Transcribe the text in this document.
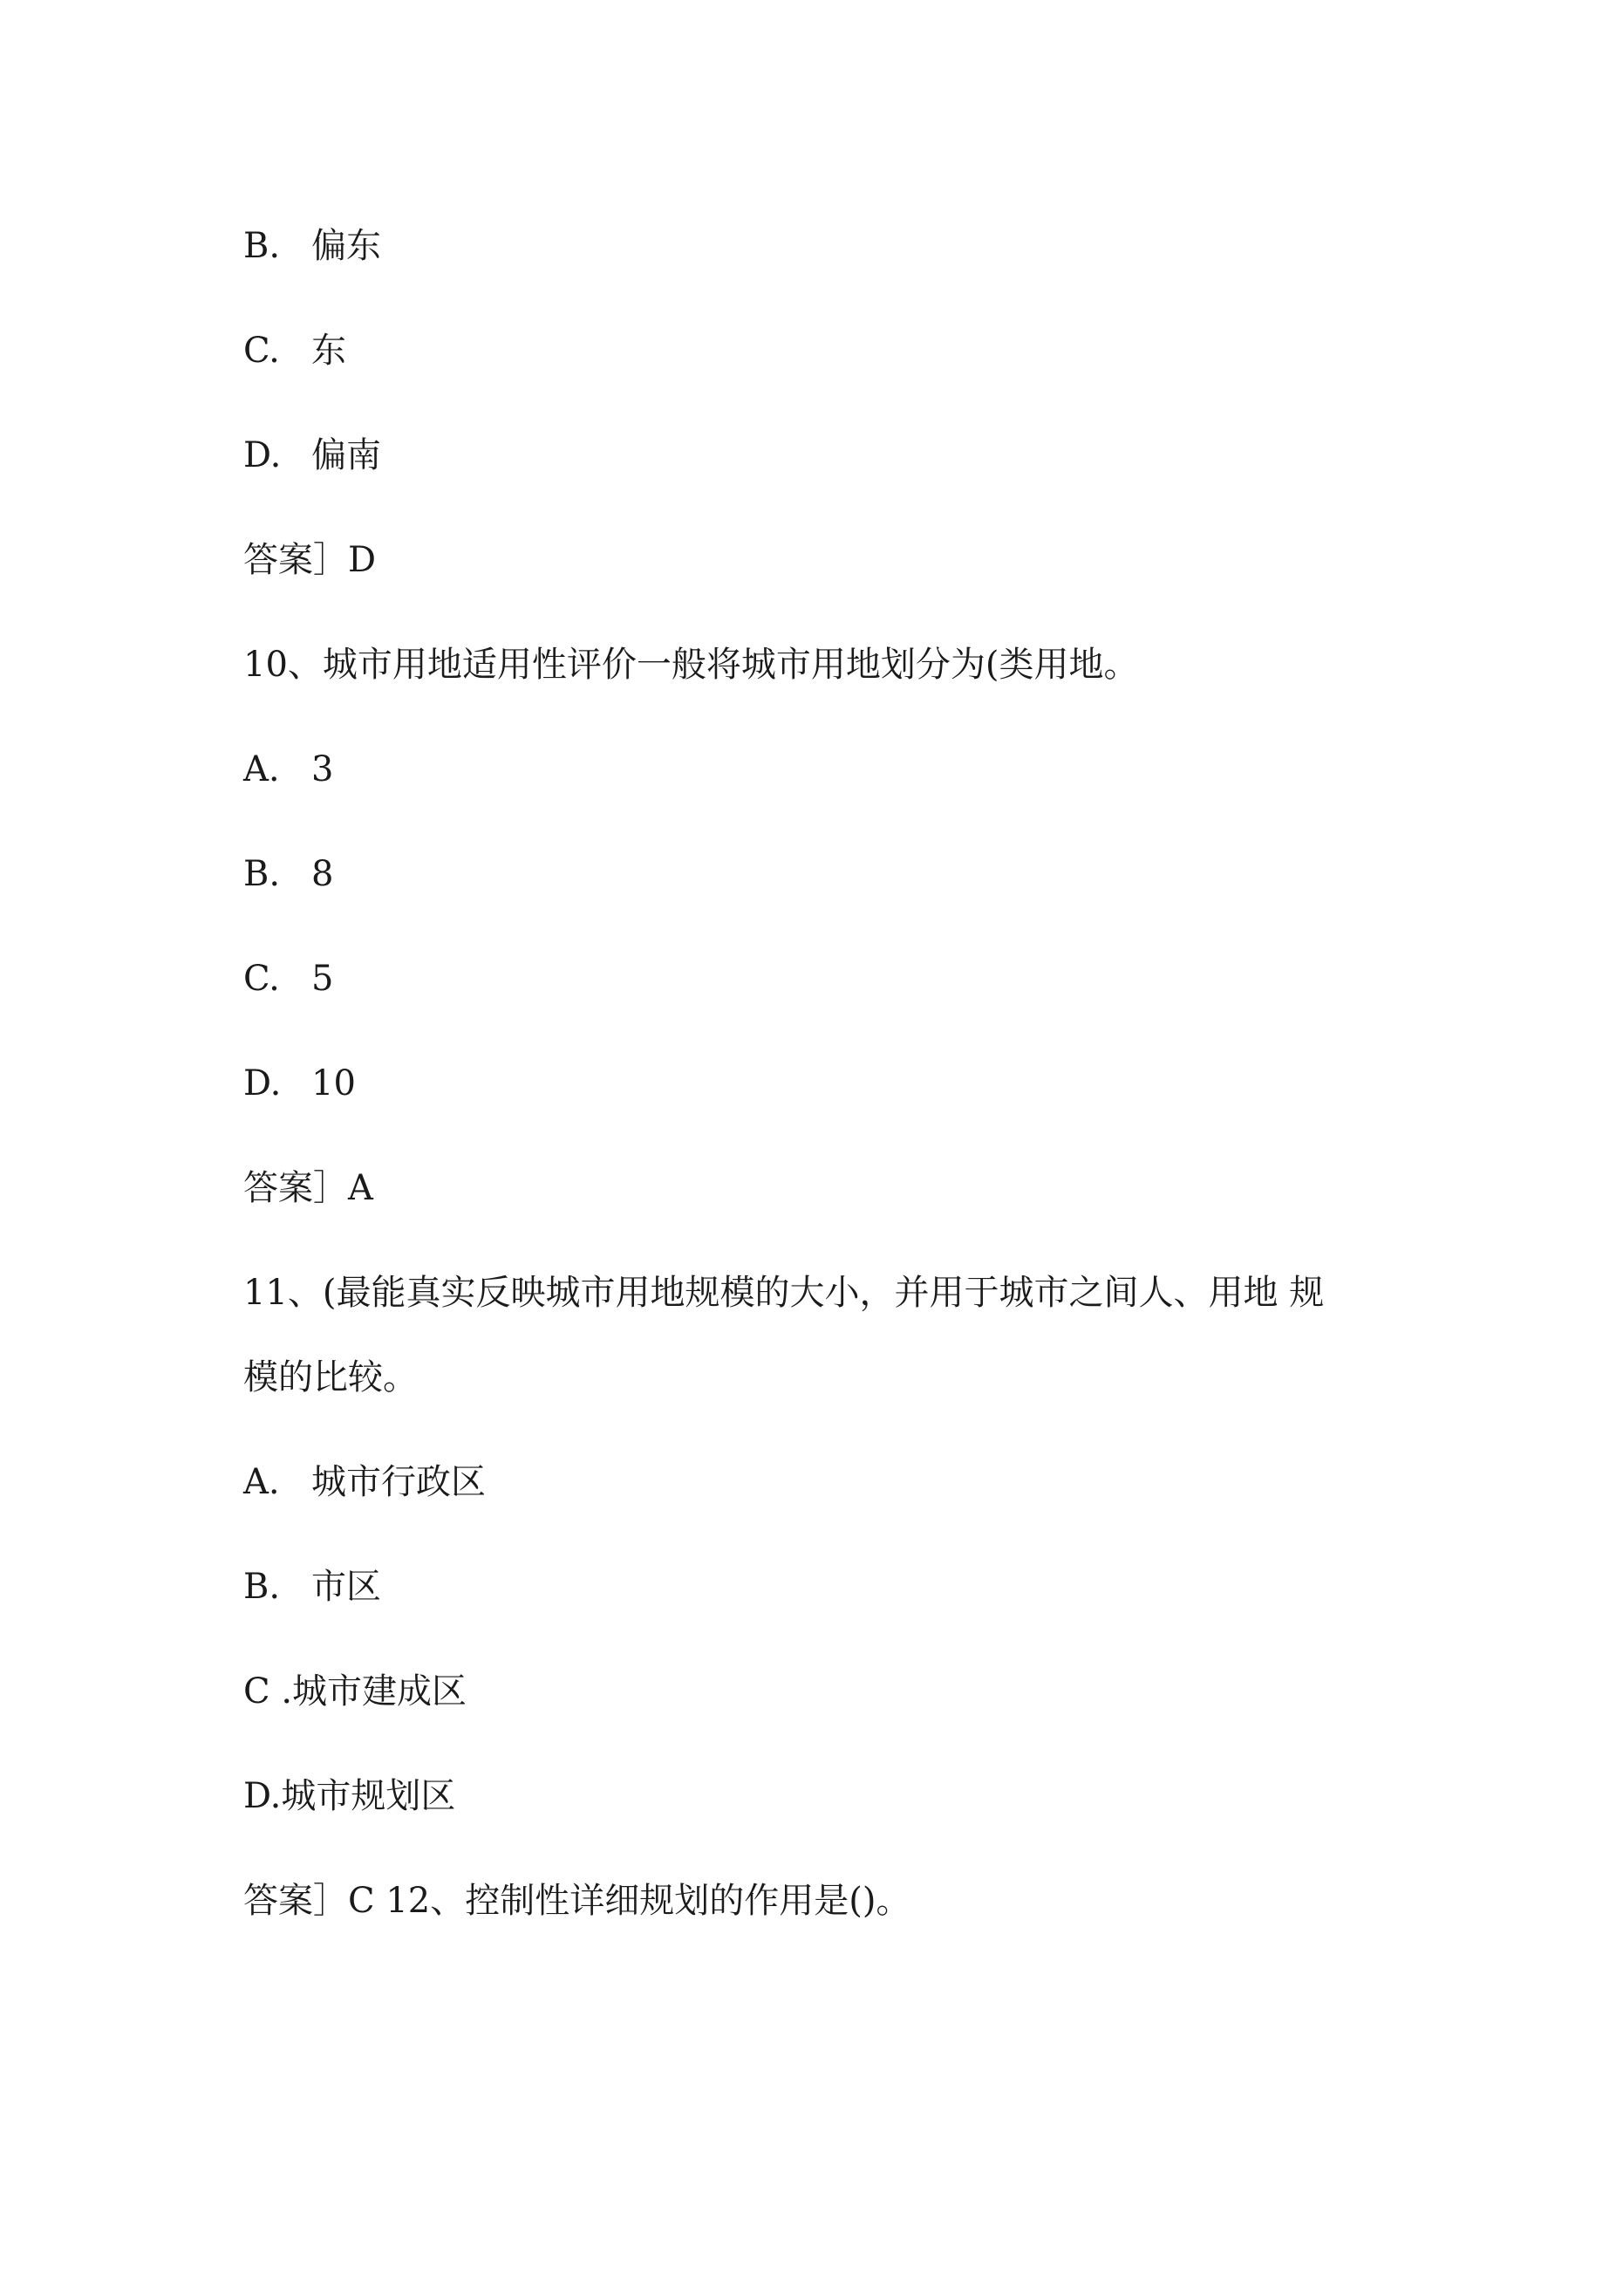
B. 偏东
C. 东
D. 偏南
答案］D
10、城市用地适用性评价一般将城市用地划分为(类用地。
A. 3
B. 8
C. 5
D. 10
答案］A
11、(最能真实反映城市用地规模的大小，并用于城市之间人、用地 规
模的比较。
A. 城市行政区
B. 市区
C .城市建成区
D.城市规划区
答案］C 12、控制性详细规划的作用是()。
